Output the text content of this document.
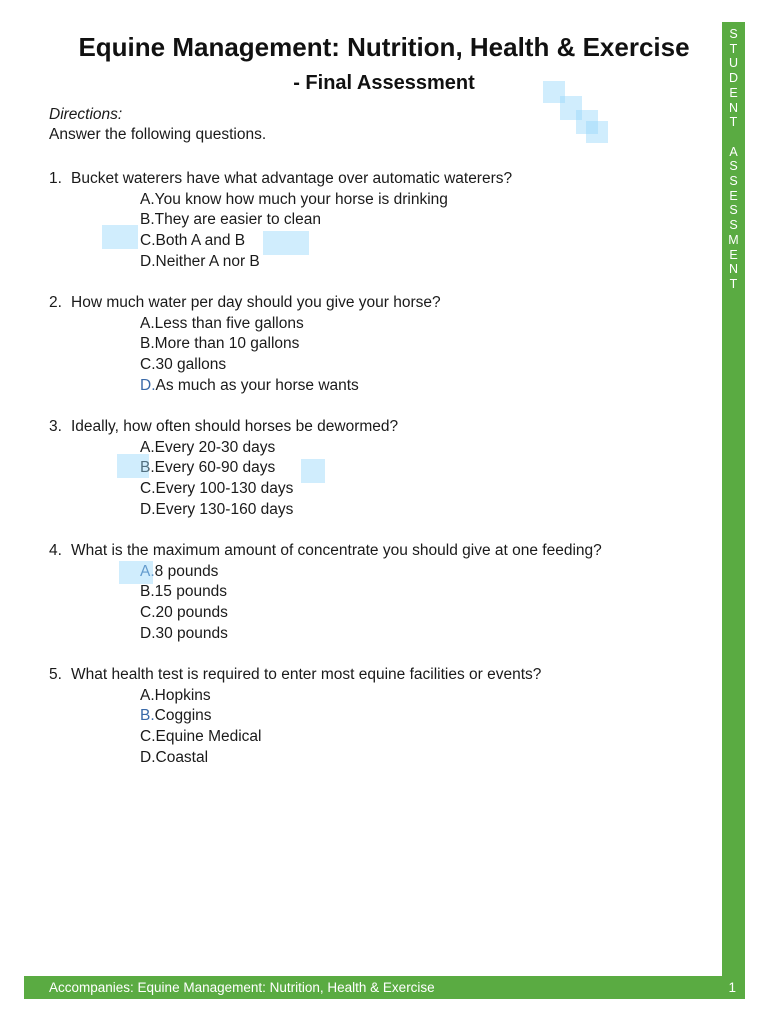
Equine Management: Nutrition, Health & Exercise
- Final Assessment
Directions:
Answer the following questions.
1. Bucket waterers have what advantage over automatic waterers?
A.You know how much your horse is drinking
B.They are easier to clean
C.Both A and B
D.Neither A nor B
2. How much water per day should you give your horse?
A.Less than five gallons
B.More than 10 gallons
C.30 gallons
D.As much as your horse wants
3. Ideally, how often should horses be dewormed?
A.Every 20-30 days
B.Every 60-90 days
C.Every 100-130 days
D.Every 130-160 days
4. What is the maximum amount of concentrate you should give at one feeding?
A.8 pounds
B.15 pounds
C.20 pounds
D.30 pounds
5. What health test is required to enter most equine facilities or events?
A.Hopkins
B.Coggins
C.Equine Medical
D.Coastal
S
T
U
D
E
N
T

A
S
S
E
S
S
M
E
N
T
Accompanies: Equine Management: Nutrition, Health & Exercise	1
